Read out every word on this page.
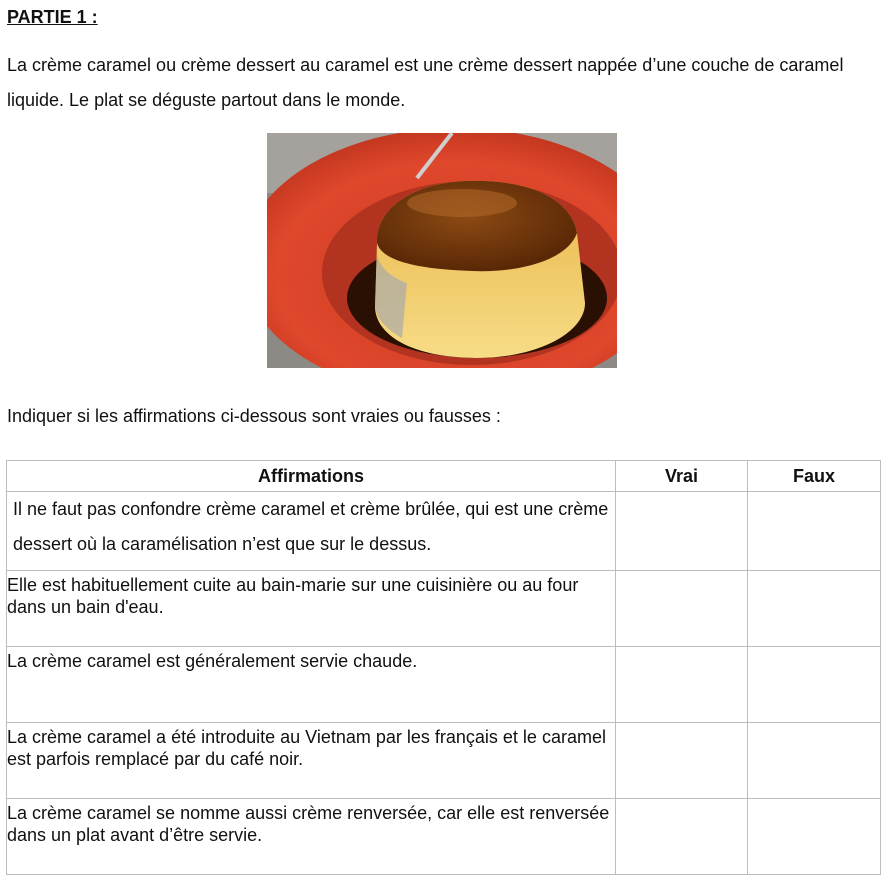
PARTIE 1 :
La crème caramel ou crème dessert au caramel est une crème dessert nappée d’une couche de caramel liquide. Le plat se déguste partout dans le monde.
Indiquer si les affirmations ci-dessous sont vraies ou fausses :
Affirmations	Vrai	Faux

Il ne faut pas confondre crème caramel et crème brûlée, qui est une crème dessert où la caramélisation n’est que sur le dessus.		

Elle est habituellement cuite au bain-marie sur une cuisinière ou au four dans un bain d'eau.		

La crème caramel est généralement servie chaude.		

La crème caramel a été introduite au Vietnam par les français et le caramel est parfois remplacé par du café noir.		

La crème caramel se nomme aussi crème renversée, car elle est renversée dans un plat avant d’être servie.		
